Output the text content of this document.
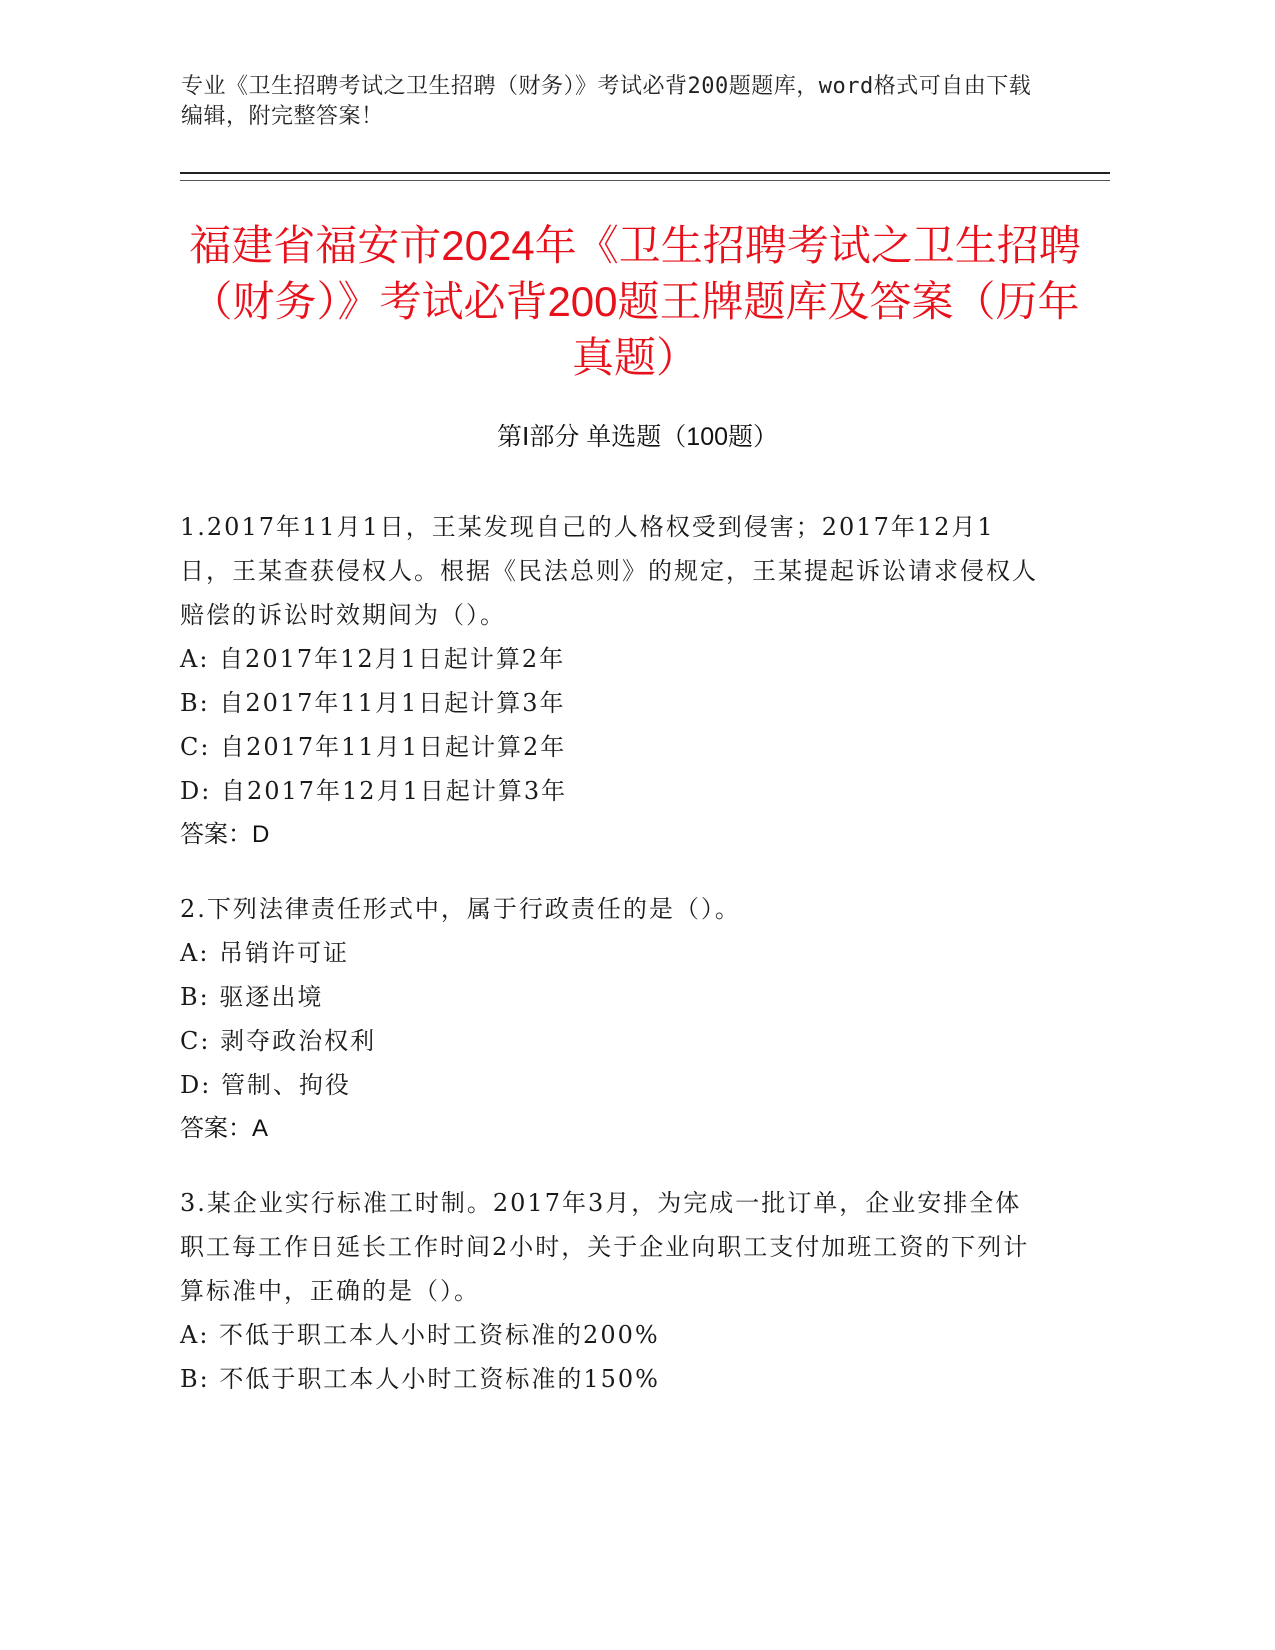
专业《卫生招聘考试之卫生招聘（财务）》考试必背200题题库，word格式可自由下载编辑，附完整答案！
福建省福安市2024年《卫生招聘考试之卫生招聘（财务）》考试必背200题王牌题库及答案（历年真题）
第Ⅰ部分 单选题（100题）

1.2017年11月1日，王某发现自己的人格权受到侵害；2017年12月1日，王某查获侵权人。根据《民法总则》的规定，王某提起诉讼请求侵权人赔偿的诉讼时效期间为（）。

A: 自2017年12月1日起计算2年

B: 自2017年11月1日起计算3年

C: 自2017年11月1日起计算2年

D: 自2017年12月1日起计算3年

答案：D

2.下列法律责任形式中，属于行政责任的是（）。

A: 吊销许可证

B: 驱逐出境

C: 剥夺政治权利

D: 管制、拘役

答案：A

3.某企业实行标准工时制。2017年3月，为完成一批订单，企业安排全体职工每工作日延长工作时间2小时，关于企业向职工支付加班工资的下列计算标准中，正确的是（）。

A: 不低于职工本人小时工资标准的200%

B: 不低于职工本人小时工资标准的150%
